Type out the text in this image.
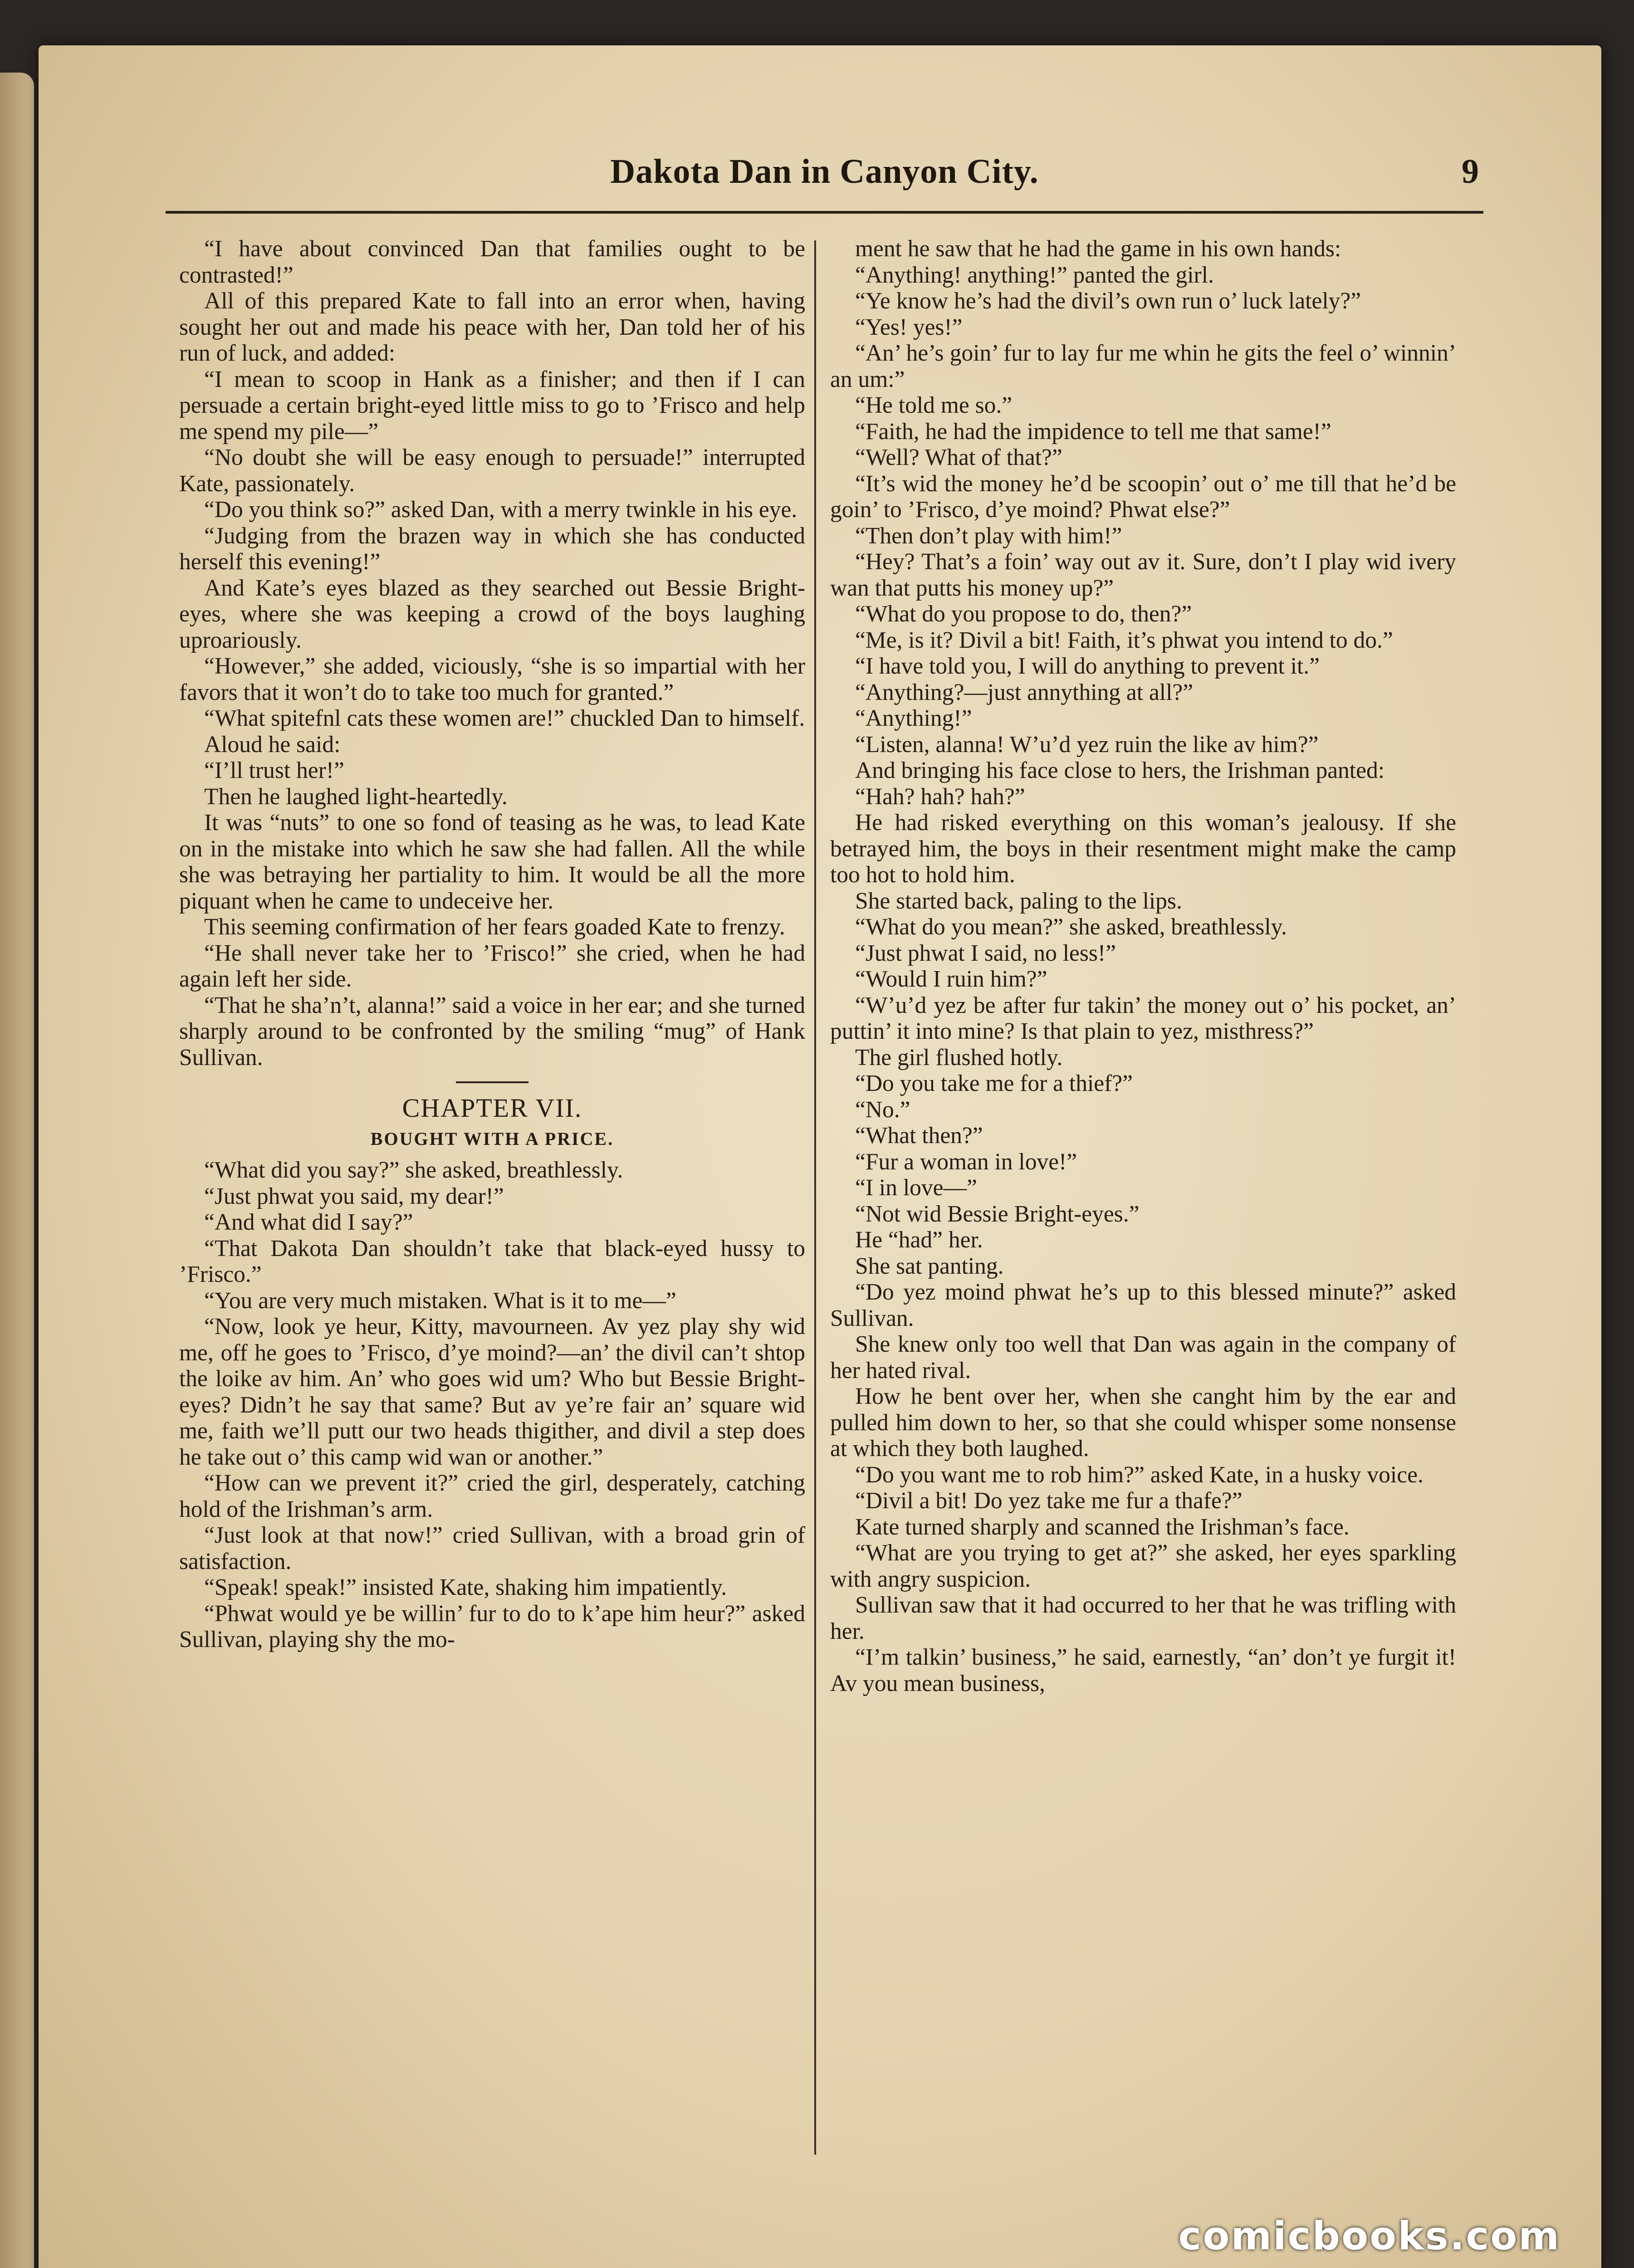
Dakota Dan in Canyon City.	9

“I have about convinced Dan that families ought to be contrasted!”

All of this prepared Kate to fall into an error when, having sought her out and made his peace with her, Dan told her of his run of luck, and added:

“I mean to scoop in Hank as a finisher; and then if I can persuade a certain bright-eyed little miss to go to ’Frisco and help me spend my pile—”

“No doubt she will be easy enough to persuade!” interrupted Kate, passionately.

“Do you think so?” asked Dan, with a merry twinkle in his eye.

“Judging from the brazen way in which she has conducted herself this evening!”

And Kate’s eyes blazed as they searched out Bessie Bright-eyes, where she was keeping a crowd of the boys laughing uproariously.

“However,” she added, viciously, “she is so impartial with her favors that it won’t do to take too much for granted.”

“What spitefnl cats these women are!” chuckled Dan to himself.

Aloud he said:

“I’ll trust her!”

Then he laughed light-heartedly.

It was “nuts” to one so fond of teasing as he was, to lead Kate on in the mistake into which he saw she had fallen. All the while she was betraying her partiality to him. It would be all the more piquant when he came to undeceive her.

This seeming confirmation of her fears goaded Kate to frenzy.

“He shall never take her to ’Frisco!” she cried, when he had again left her side.

“That he sha’n’t, alanna!” said a voice in her ear; and she turned sharply around to be confronted by the smiling “mug” of Hank Sullivan.

CHAPTER VII.
BOUGHT WITH A PRICE.

“What did you say?” she asked, breathlessly.

“Just phwat you said, my dear!”

“And what did I say?”

“That Dakota Dan shouldn’t take that black-eyed hussy to ’Frisco.”

“You are very much mistaken. What is it to me—”

“Now, look ye heur, Kitty, mavourneen. Av yez play shy wid me, off he goes to ’Frisco, d’ye moind?—an’ the divil can’t shtop the loike av him. An’ who goes wid um? Who but Bessie Bright-eyes? Didn’t he say that same? But av ye’re fair an’ square wid me, faith we’ll putt our two heads thigither, and divil a step does he take out o’ this camp wid wan or another.”

“How can we prevent it?” cried the girl, desperately, catching hold of the Irishman’s arm.

“Just look at that now!” cried Sullivan, with a broad grin of satisfaction.

“Speak! speak!” insisted Kate, shaking him impatiently.

“Phwat would ye be willin’ fur to do to k’ape him heur?” asked Sullivan, playing shy the mo-

ment he saw that he had the game in his own hands:

“Anything! anything!” panted the girl.

“Ye know he’s had the divil’s own run o’ luck lately?”

“Yes! yes!”

“An’ he’s goin’ fur to lay fur me whin he gits the feel o’ winnin’ an um:”

“He told me so.”

“Faith, he had the impidence to tell me that same!”

“Well? What of that?”

“It’s wid the money he’d be scoopin’ out o’ me till that he’d be goin’ to ’Frisco, d’ye moind? Phwat else?”

“Then don’t play with him!”

“Hey? That’s a foin’ way out av it. Sure, don’t I play wid ivery wan that putts his money up?”

“What do you propose to do, then?”

“Me, is it? Divil a bit! Faith, it’s phwat you intend to do.”

“I have told you, I will do anything to prevent it.”

“Anything?—just annything at all?”

“Anything!”

“Listen, alanna! W’u’d yez ruin the like av him?”

And bringing his face close to hers, the Irishman panted:

“Hah? hah? hah?”

He had risked everything on this woman’s jealousy. If she betrayed him, the boys in their resentment might make the camp too hot to hold him.

She started back, paling to the lips.

“What do you mean?” she asked, breathlessly.

“Just phwat I said, no less!”

“Would I ruin him?”

“W’u’d yez be after fur takin’ the money out o’ his pocket, an’ puttin’ it into mine? Is that plain to yez, misthress?”

The girl flushed hotly.

“Do you take me for a thief?”

“No.”

“What then?”

“Fur a woman in love!”

“I in love—”

“Not wid Bessie Bright-eyes.”

He “had” her.

She sat panting.

“Do yez moind phwat he’s up to this blessed minute?” asked Sullivan.

She knew only too well that Dan was again in the company of her hated rival.

How he bent over her, when she canght him by the ear and pulled him down to her, so that she could whisper some nonsense at which they both laughed.

“Do you want me to rob him?” asked Kate, in a husky voice.

“Divil a bit! Do yez take me fur a thafe?”

Kate turned sharply and scanned the Irishman’s face.

“What are you trying to get at?” she asked, her eyes sparkling with angry suspicion.

Sullivan saw that it had occurred to her that he was trifling with her.

“I’m talkin’ business,” he said, earnestly, “an’ don’t ye furgit it! Av you mean business,

comicbooks.com
